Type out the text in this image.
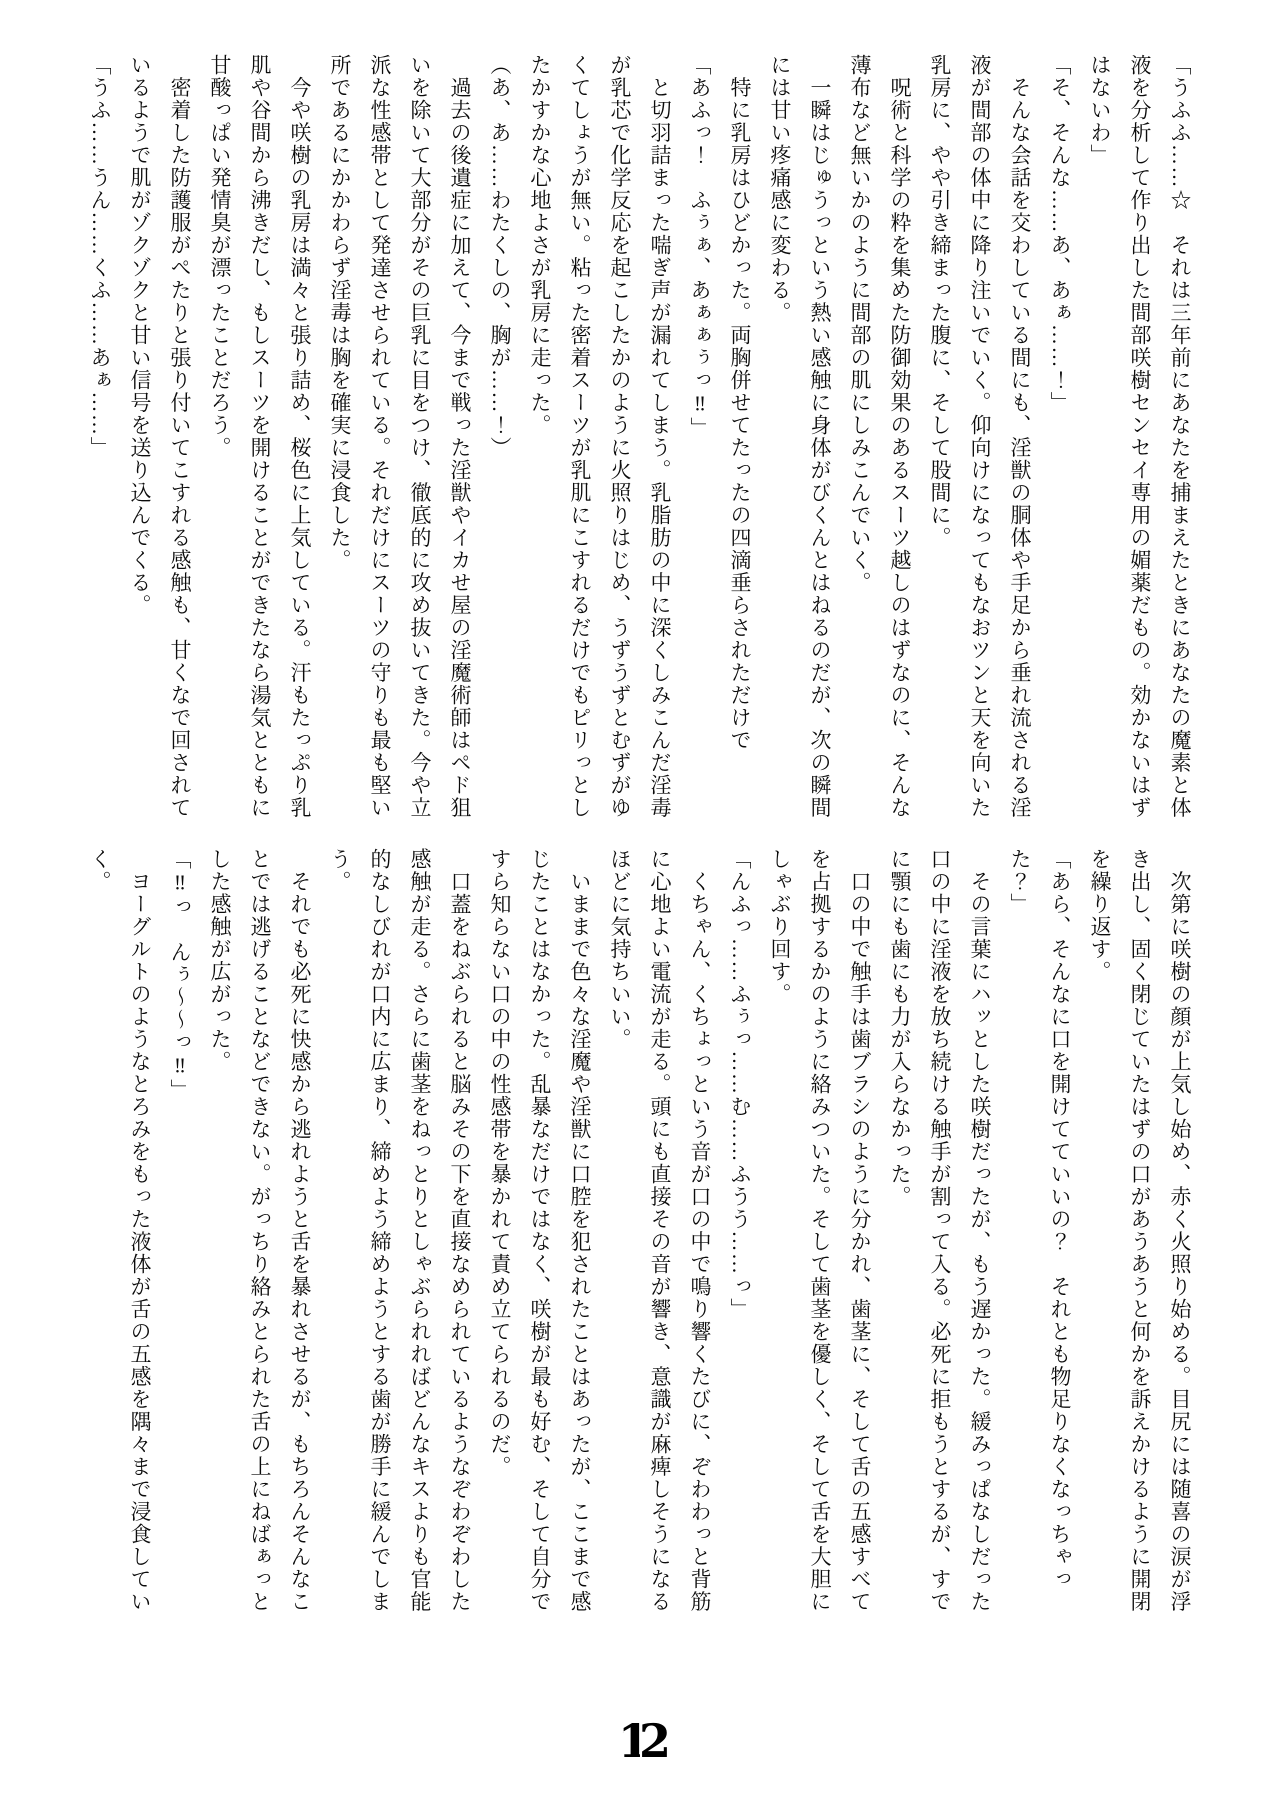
「うふふ……☆　それは三年前にあなたを捕まえたときにあなたの魔素と体

液を分析して作り出した間部咲樹センセイ専用の媚薬だもの。効かないはず

はないわ」

「そ、そんな……あ、あぁ……！」

　そんな会話を交わしている間にも、淫獣の胴体や手足から垂れ流される淫

液が間部の体中に降り注いでいく。仰向けになってもなおツンと天を向いた

乳房に、やや引き締まった腹に、そして股間に。

　呪術と科学の粋を集めた防御効果のあるスーツ越しのはずなのに、そんな

薄布など無いかのように間部の肌にしみこんでいく。

　一瞬はじゅうっという熱い感触に身体がびくんとはねるのだが、次の瞬間

には甘い疼痛感に変わる。

　特に乳房はひどかった。両胸併せてたったの四滴垂らされただけで

「あふっ！　ふぅぁ、あぁぁぅっ‼」

　と切羽詰まった喘ぎ声が漏れてしまう。乳脂肪の中に深くしみこんだ淫毒

が乳芯で化学反応を起こしたかのように火照りはじめ、うずうずとむずがゆ

くてしょうが無い。粘った密着スーツが乳肌にこすれるだけでもピリっとし

たかすかな心地よさが乳房に走った。

（あ、あ……わたくしの、胸が……！）

　過去の後遺症に加えて、今まで戦った淫獣やイカせ屋の淫魔術師はペド狙

いを除いて大部分がその巨乳に目をつけ、徹底的に攻め抜いてきた。今や立

派な性感帯として発達させられている。それだけにスーツの守りも最も堅い

所であるにかかわらず淫毒は胸を確実に浸食した。

　今や咲樹の乳房は満々と張り詰め、桜色に上気している。汗もたっぷり乳

肌や谷間から沸きだし、もしスーツを開けることができたなら湯気とともに

甘酸っぱい発情臭が漂ったことだろう。

　密着した防護服がぺたりと張り付いてこすれる感触も、甘くなで回されて

いるようで肌がゾクゾクと甘い信号を送り込んでくる。

「うふ……うん……くふ……あぁ……」

　次第に咲樹の顔が上気し始め、赤く火照り始める。目尻には随喜の涙が浮

き出し、固く閉じていたはずの口があうあうと何かを訴えかけるように開閉

を繰り返す。

「あら、そんなに口を開けてていいの？　それとも物足りなくなっちゃっ

た？」

　その言葉にハッとした咲樹だったが、もう遅かった。緩みっぱなしだった

口の中に淫液を放ち続ける触手が割って入る。必死に拒もうとするが、すで

に顎にも歯にも力が入らなかった。

　口の中で触手は歯ブラシのように分かれ、歯茎に、そして舌の五感すべて

を占拠するかのように絡みついた。そして歯茎を優しく、そして舌を大胆に

しゃぶり回す。

「んふっ……ふぅっ……む……ふうう……っ」

　くちゃん、くちょっという音が口の中で鳴り響くたびに、ぞわわっと背筋

に心地よい電流が走る。頭にも直接その音が響き、意識が麻痺しそうになる

ほどに気持ちいい。

　いままで色々な淫魔や淫獣に口腔を犯されたことはあったが、ここまで感

じたことはなかった。乱暴なだけではなく、咲樹が最も好む、そして自分で

すら知らない口の中の性感帯を暴かれて責め立てられるのだ。

　口蓋をねぶられると脳みその下を直接なめられているようなぞわぞわした

感触が走る。さらに歯茎をねっとりとしゃぶられればどんなキスよりも官能

的なしびれが口内に広まり、締めよう締めようとする歯が勝手に緩んでしま

う。

　それでも必死に快感から逃れようと舌を暴れさせるが、もちろんそんなこ

とでは逃げることなどできない。がっちり絡みとられた舌の上にねばぁっと

した感触が広がった。

「‼っ　んぅ～～っ‼」

　ヨーグルトのようなとろみをもった液体が舌の五感を隅々まで浸食してい

く。

12
